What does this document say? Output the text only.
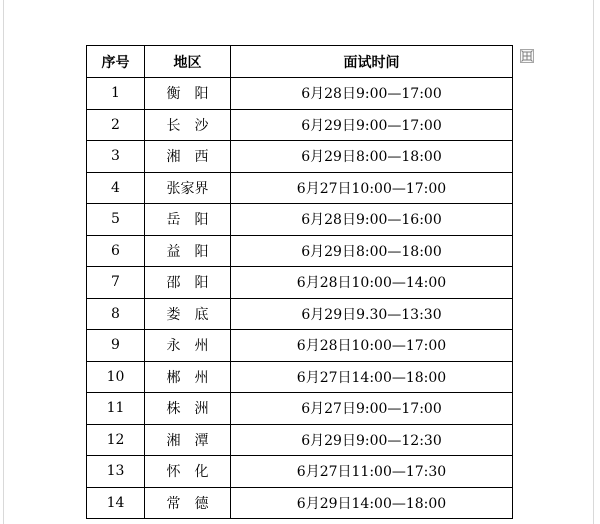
序号	地区	面试时间
1	衡阳	6月28日9:00—17:00
2	长沙	6月29日9:00—17:00
3	湘西	6月29日8:00—18:00
4	张家界	6月27日10:00—17:00
5	岳阳	6月28日9:00—16:00
6	益阳	6月29日8:00—18:00
7	邵阳	6月28日10:00—14:00
8	娄底	6月29日9.30—13:30
9	永州	6月28日10:00—17:00
10	郴州	6月27日14:00—18:00
11	株洲	6月27日9:00—17:00
12	湘潭	6月29日9:00—12:30
13	怀化	6月27日11:00—17:30
14	常德	6月29日14:00—18:00
